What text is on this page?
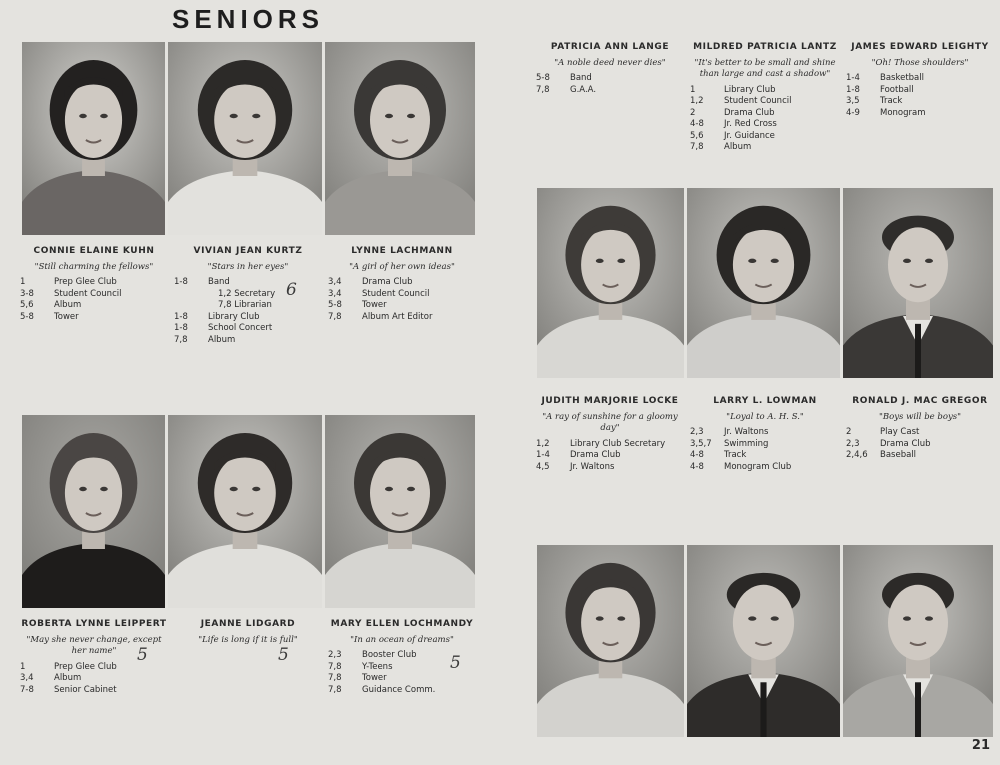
SENIORS
CONNIE ELAINE KUHN
"Still charming the fellows"
1	Prep Glee Club
3-8	Student Council
5,6	Album
5-8	Tower
VIVIAN JEAN KURTZ
"Stars in her eyes"
1-8	Band
1,2 Secretary
7,8 Librarian
1-8	Library Club
1-8	School Concert
7,8	Album
LYNNE LACHMANN
"A girl of her own ideas"
3,4	Drama Club
3,4	Student Council
5-8	Tower
7,8	Album Art Editor
ROBERTA LYNNE LEIPPERT
"May she never change, except her name"
1	Prep Glee Club
3,4	Album
7-8	Senior Cabinet
JEANNE LIDGARD
"Life is long if it is full"
MARY ELLEN LOCHMANDY
"In an ocean of dreams"
2,3	Booster Club
7,8	Y-Teens
7,8	Tower
7,8	Guidance Comm.
PATRICIA ANN LANGE
"A noble deed never dies"
5-8	Band
7,8	G.A.A.
MILDRED PATRICIA LANTZ
"It's better to be small and shine than large and cast a shadow"
1	Library Club
1,2	Student Council
2	Drama Club
4-8	Jr. Red Cross
5,6	Jr. Guidance
7,8	Album
JAMES EDWARD LEIGHTY
"Oh! Those shoulders"
1-4	Basketball
1-8	Football
3,5	Track
4-9	Monogram
JUDITH MARJORIE LOCKE
"A ray of sunshine for a gloomy day"
1,2	Library Club Secretary
1-4	Drama Club
4,5	Jr. Waltons
LARRY L. LOWMAN
"Loyal to A. H. S."
2,3	Jr. Waltons
3,5,7	Swimming
4-8	Track
4-8	Monogram Club
RONALD J. MAC GREGOR
"Boys will be boys"
2	Play Cast
2,3	Drama Club
2,4,6	Baseball
6
5	5	5
21
